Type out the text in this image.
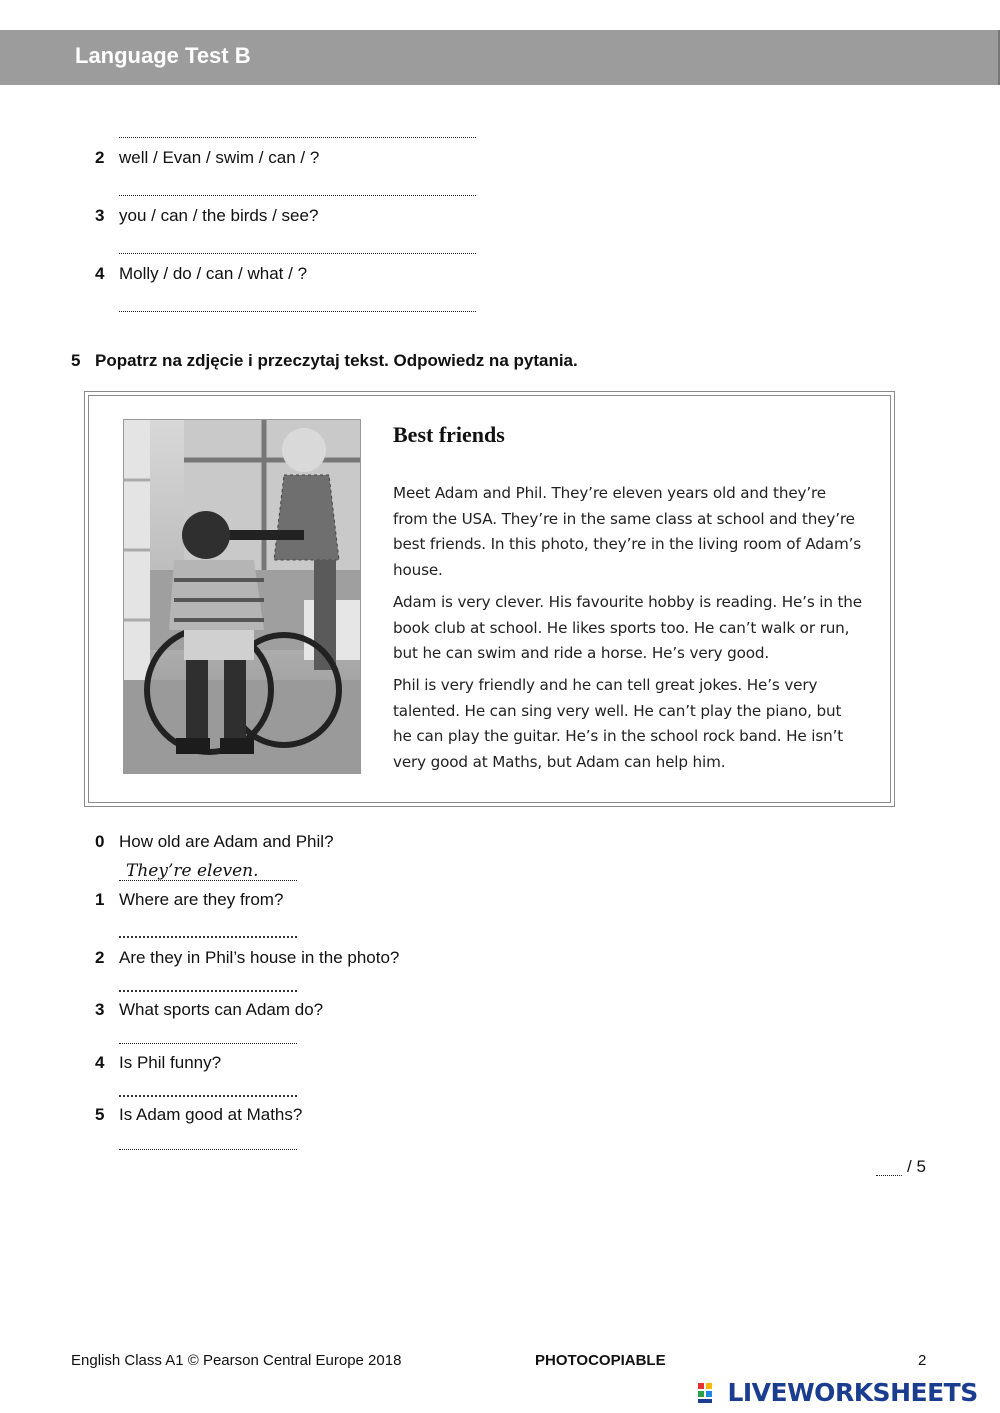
Language Test B
2 well / Evan / swim / can / ?
3 you / can / the birds / see?
4 Molly / do / can / what / ?
5 Popatrz na zdjęcie i przeczytaj tekst. Odpowiedz na pytania.
Best friends
Meet Adam and Phil. They’re eleven years old and they’re from the USA. They’re in the same class at school and they’re best friends. In this photo, they’re in the living room of Adam’s house.
Adam is very clever. His favourite hobby is reading. He’s in the book club at school. He likes sports too. He can’t walk or run, but he can swim and ride a horse. He’s very good.
Phil is very friendly and he can tell great jokes. He’s very talented. He can sing very well. He can’t play the piano, but he can play the guitar. He’s in the school rock band. He isn’t very good at Maths, but Adam can help him.
0 How old are Adam and Phil?
They’re eleven.
1 Where are they from?
2 Are they in Phil’s house in the photo?
3 What sports can Adam do?
4 Is Phil funny?
5 Is Adam good at Maths?
/ 5
English Class A1 © Pearson Central Europe 2018	PHOTOCOPIABLE	2
LIVEWORKSHEETS
